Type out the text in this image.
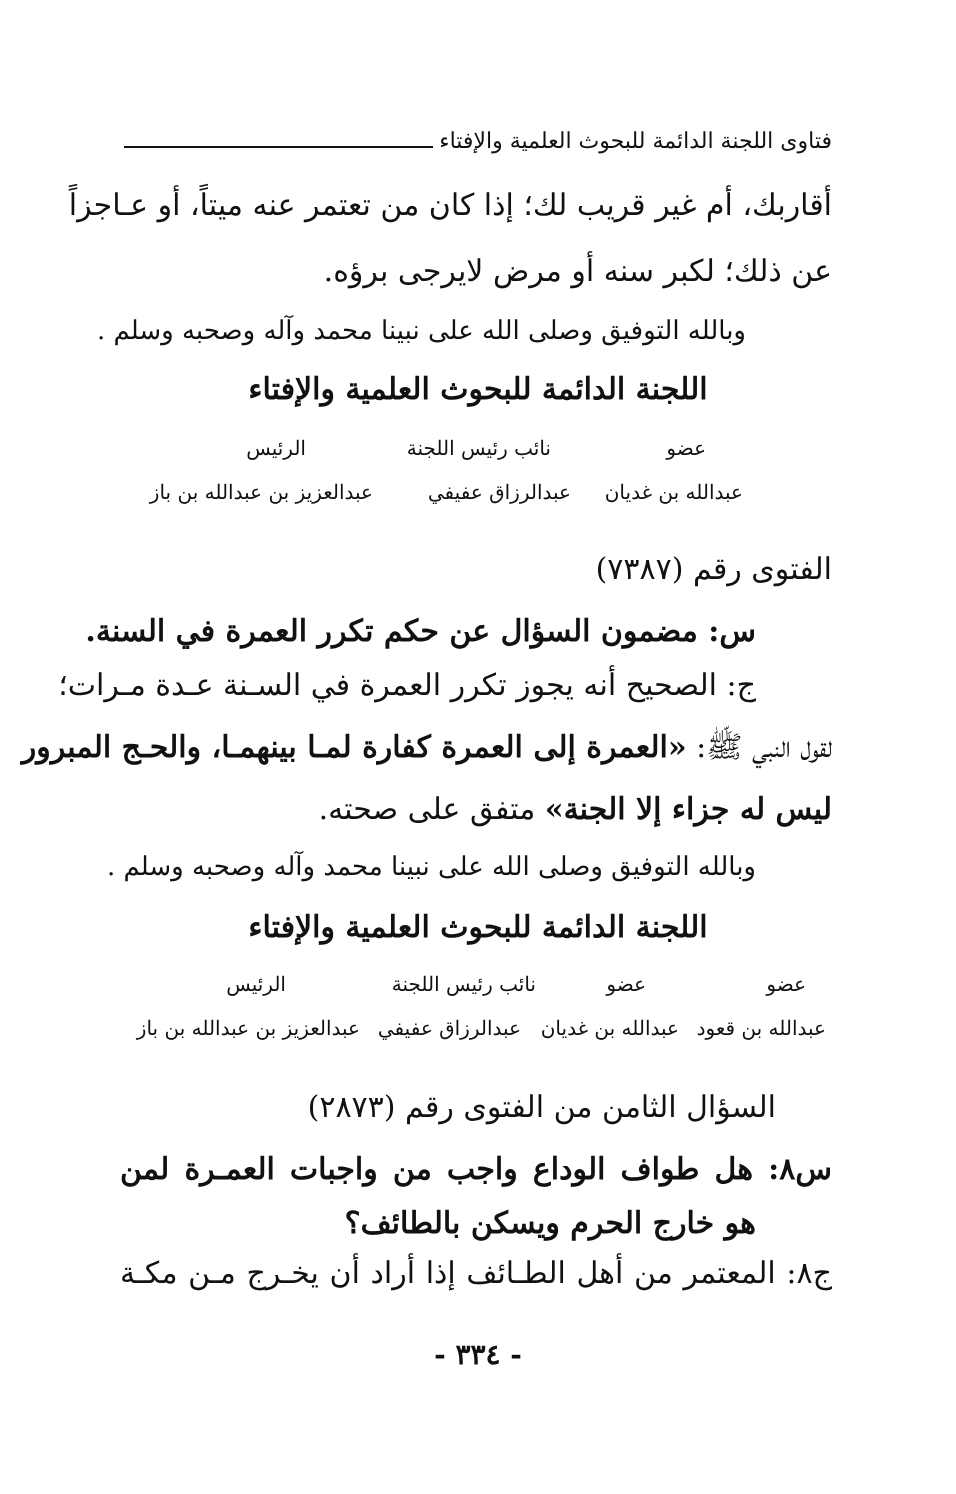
فتاوى اللجنة الدائمة للبحوث العلمية والإفتاء
أقاربك، أم غير قريب لك؛ إذا كان من تعتمر عنه ميتاً، أو عـاجزاً
عن ذلك؛ لكبر سنه أو مرض لايرجى برؤه.
وبالله التوفيق وصلى الله على نبينا محمد وآله وصحبه وسلم .
اللجنة الدائمة للبحوث العلمية والإفتاء
عضو
نائب رئيس اللجنة
الرئيس
عبدالله بن غديان
عبدالرزاق عفيفي
عبدالعزيز بن عبدالله بن باز
الفتوى رقم (٧٣٨٧)
س: مضمون السؤال عن حكم تكرر العمرة في السنة.
ج: الصحيح أنه يجوز تكرر العمرة في السـنة عـدة مـرات؛
لقول النبي ﷺ: «العمرة إلى العمرة كفارة لمـا بينهمـا، والحـج المبرور
ليس له جزاء إلا الجنة» متفق على صحته.
وبالله التوفيق وصلى الله على نبينا محمد وآله وصحبه وسلم .
اللجنة الدائمة للبحوث العلمية والإفتاء
عضو
عضو
نائب رئيس اللجنة
الرئيس
عبدالله بن قعود
عبدالله بن غديان
عبدالرزاق عفيفي
عبدالعزيز بن عبدالله بن باز
السؤال الثامن من الفتوى رقم (٢٨٧٣)
س٨: هل طواف الوداع واجب من واجبات العمـرة لمن
هو خارج الحرم ويسكن بالطائف؟
ج٨: المعتمر من أهل الطـائف إذا أراد أن يخـرج مـن مكـة
- ٣٣٤ -
